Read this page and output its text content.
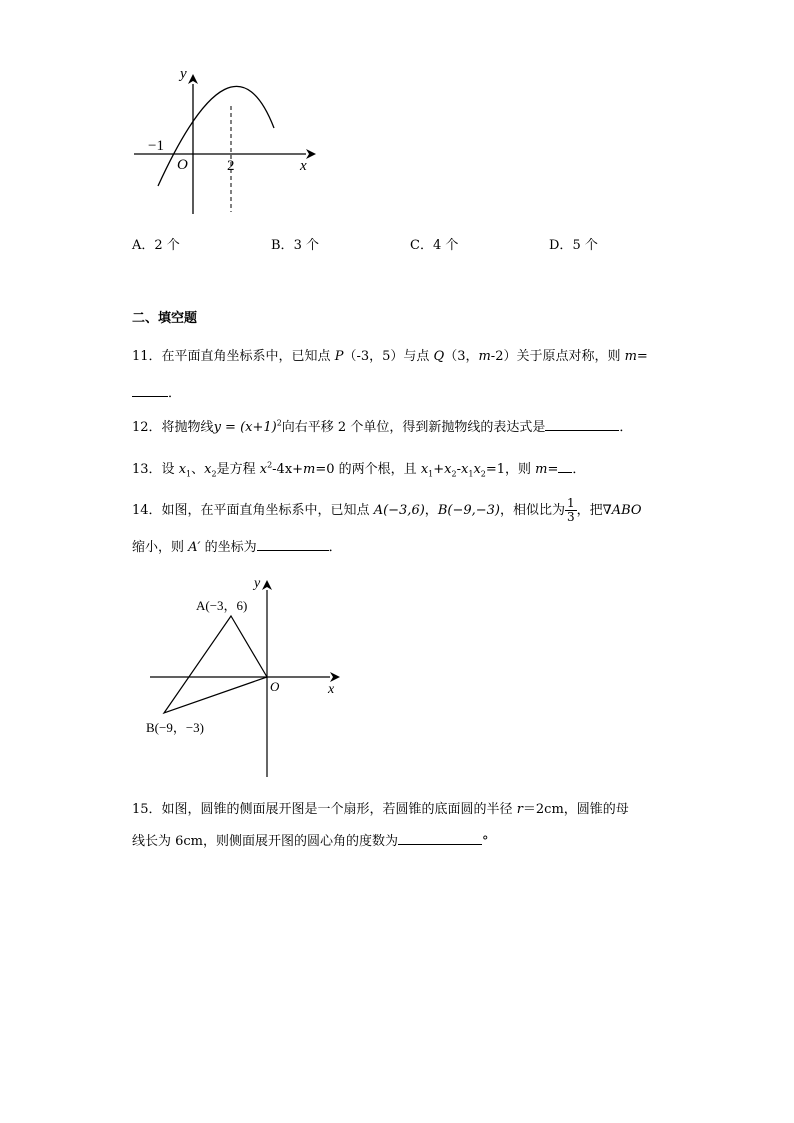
y
x
O
−1
2
A．2 个	B．3 个	C．4 个	D．5 个
二、填空题
11．在平面直角坐标系中，已知点 P（-3，5）与点 Q（3，m-2）关于原点对称，则 m=
．
12．将抛物线$y = (x+1)^2$向右平移 2 个单位，得到新抛物线的表达式是	．
13．设 $x_1$、$x_2$是方程 $x^2-4x+m=0$ 的两个根，且 $x_1+x_2-x_1x_2=1$，则 m= ．
14．如图，在平面直角坐标系中，已知点 A(−3,6)，B(−9,−3)，相似比为 $\frac{1}{3}$ ，把∇ABO
缩小，则 A′ 的坐标为	．
y
x
O
A(−3，6)
B(−9，−3)
15．如图，圆锥的侧面展开图是一个扇形，若圆锥的底面圆的半径 r＝2cm，圆锥的母
线长为 6cm，则侧面展开图的圆心角的度数为	°
